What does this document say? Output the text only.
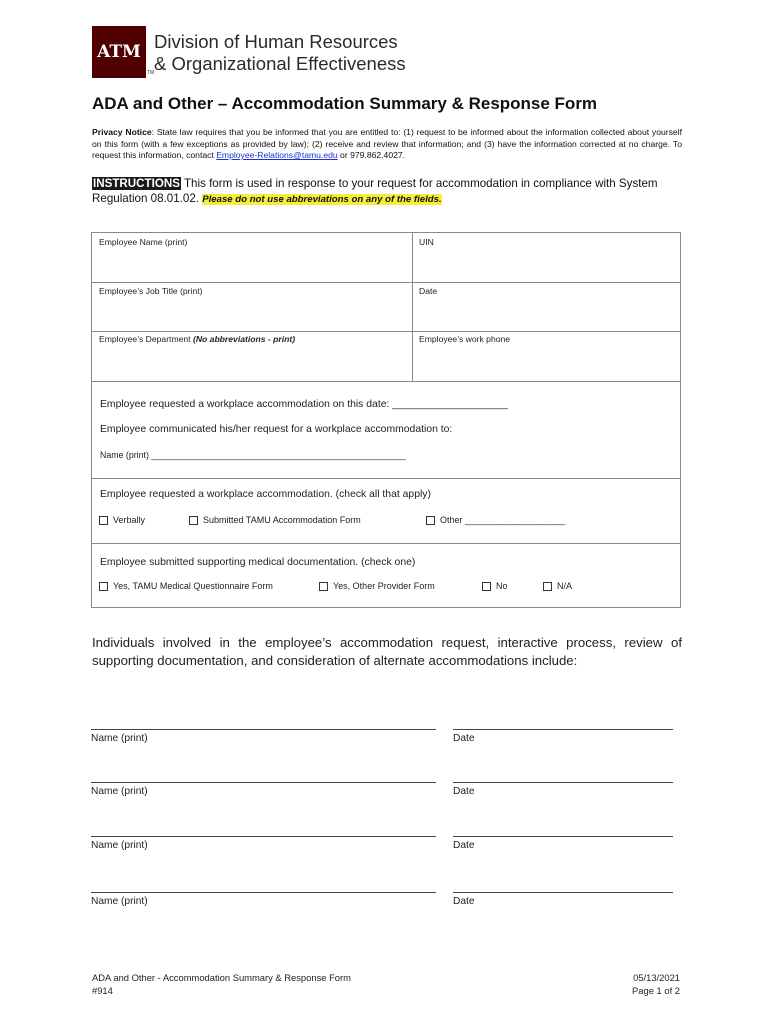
ATM
TM
Division of Human Resources
& Organizational Effectiveness
ADA and Other – Accommodation Summary & Response Form

Privacy Notice: State law requires that you be informed that you are entitled to: (1) request to be informed about the information collected about yourself on this form (with a few exceptions as provided by law); (2) receive and review that information; and (3) have the information corrected at no charge. To request this information, contact Employee-Relations@tamu.edu or 979.862.4027.

INSTRUCTIONS This form is used in response to your request for accommodation in compliance with System Regulation 08.01.02. Please do not use abbreviations on any of the fields.

Employee Name (print)	UIN
Employee’s Job Title (print)	Date
Employee’s Department (No abbreviations - print)	Employee’s work phone
Employee requested a workplace accommodation on this date: ____________________
Employee communicated his/her request for a workplace accommodation to:
Name (print) ____________________________________________________
Employee requested a workplace accommodation. (check all that apply)
Verbally	Submitted TAMU Accommodation Form	Other ____________________
Employee submitted supporting medical documentation. (check one)
Yes, TAMU Medical Questionnaire Form	Yes, Other Provider Form	No	N/A

Individuals involved in the employee’s accommodation request, interactive process, review of supporting documentation, and consideration of alternate accommodations include:

Name (print)	Date
Name (print)	Date
Name (print)	Date
Name (print)	Date
ADA and Other - Accommodation Summary & Response Form
#914
05/13/2021
Page 1 of 2
